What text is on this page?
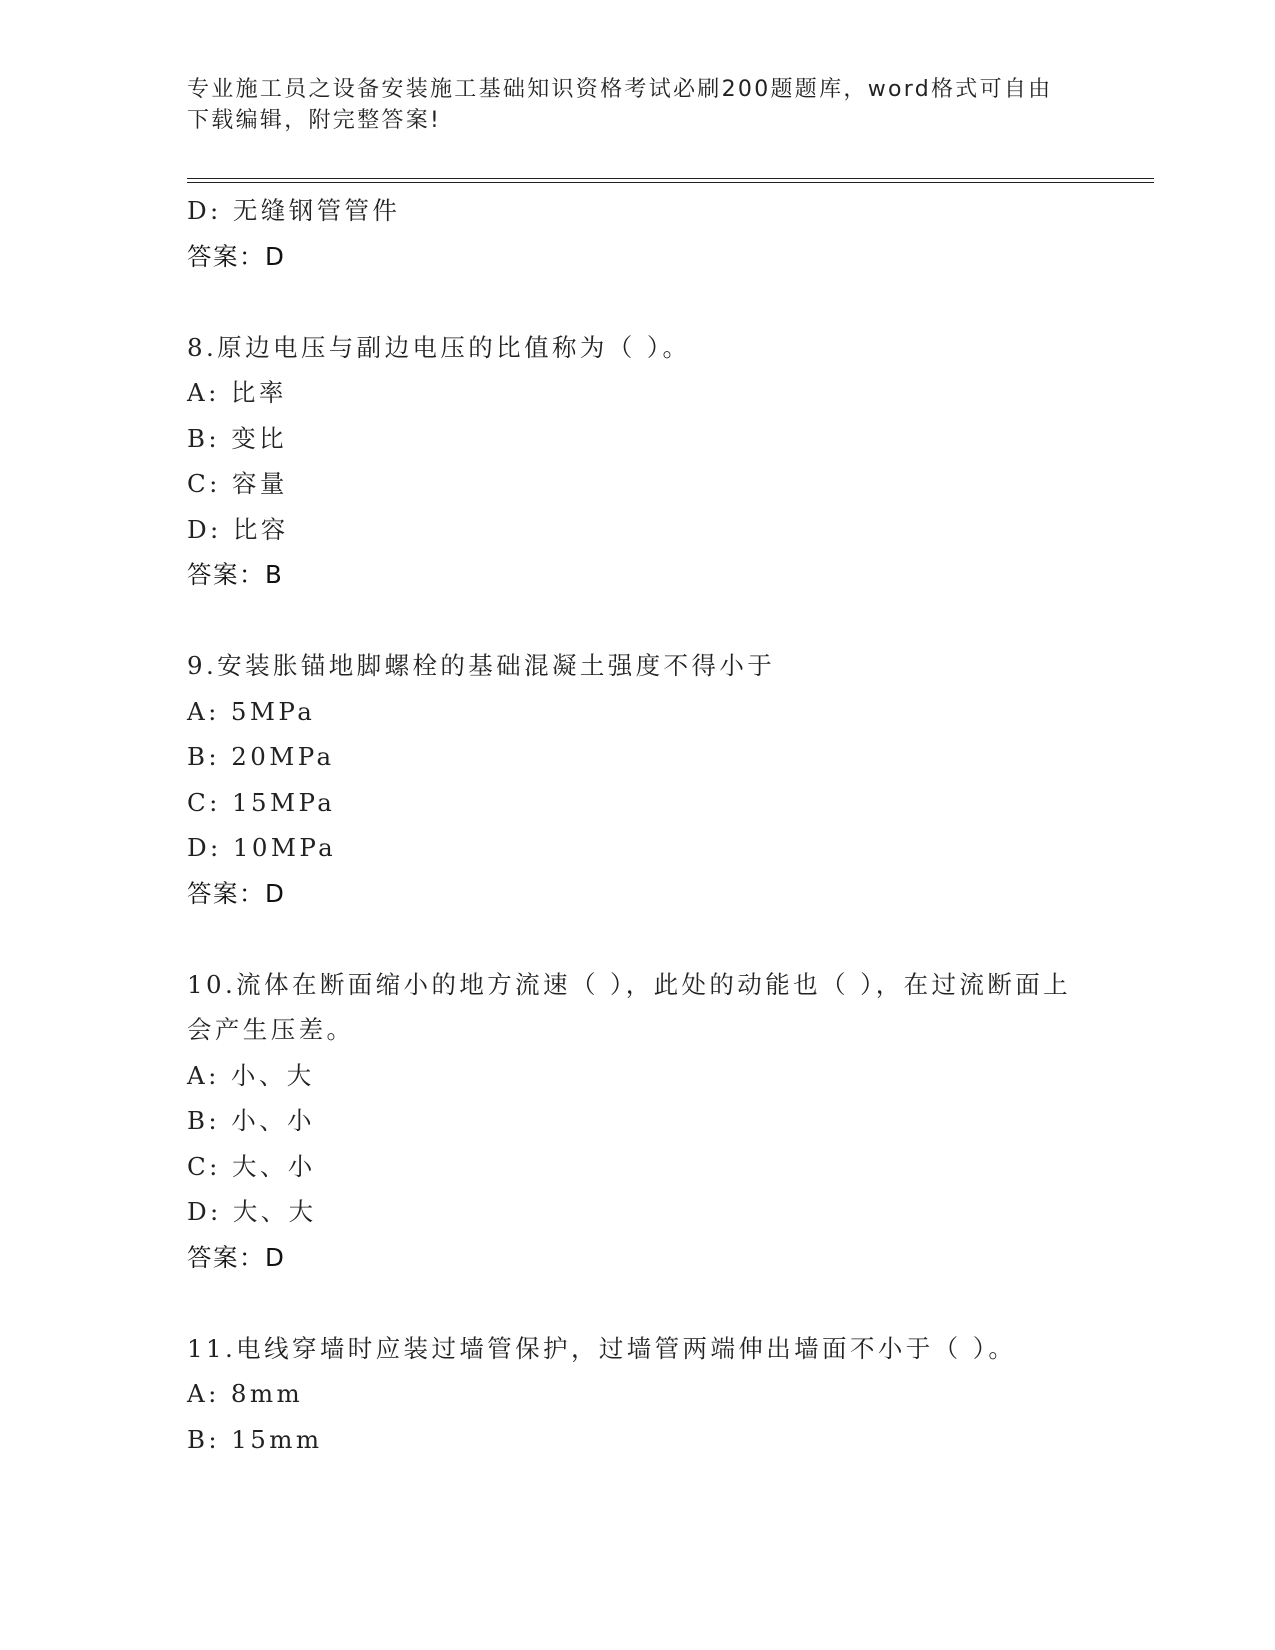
专业施工员之设备安装施工基础知识资格考试必刷200题题库，word格式可自由下载编辑，附完整答案!
D: 无缝钢管管件
答案：D
8.原边电压与副边电压的比值称为（ ）。
A: 比率
B: 变比
C: 容量
D: 比容
答案：B
9.安装胀锚地脚螺栓的基础混凝土强度不得小于
A: 5MPa
B: 20MPa
C: 15MPa
D: 10MPa
答案：D
10.流体在断面缩小的地方流速（ ），此处的动能也（ ），在过流断面上会产生压差。
A: 小、大
B: 小、小
C: 大、小
D: 大、大
答案：D
11.电线穿墙时应装过墙管保护，过墙管两端伸出墙面不小于（ ）。
A: 8mm
B: 15mm
